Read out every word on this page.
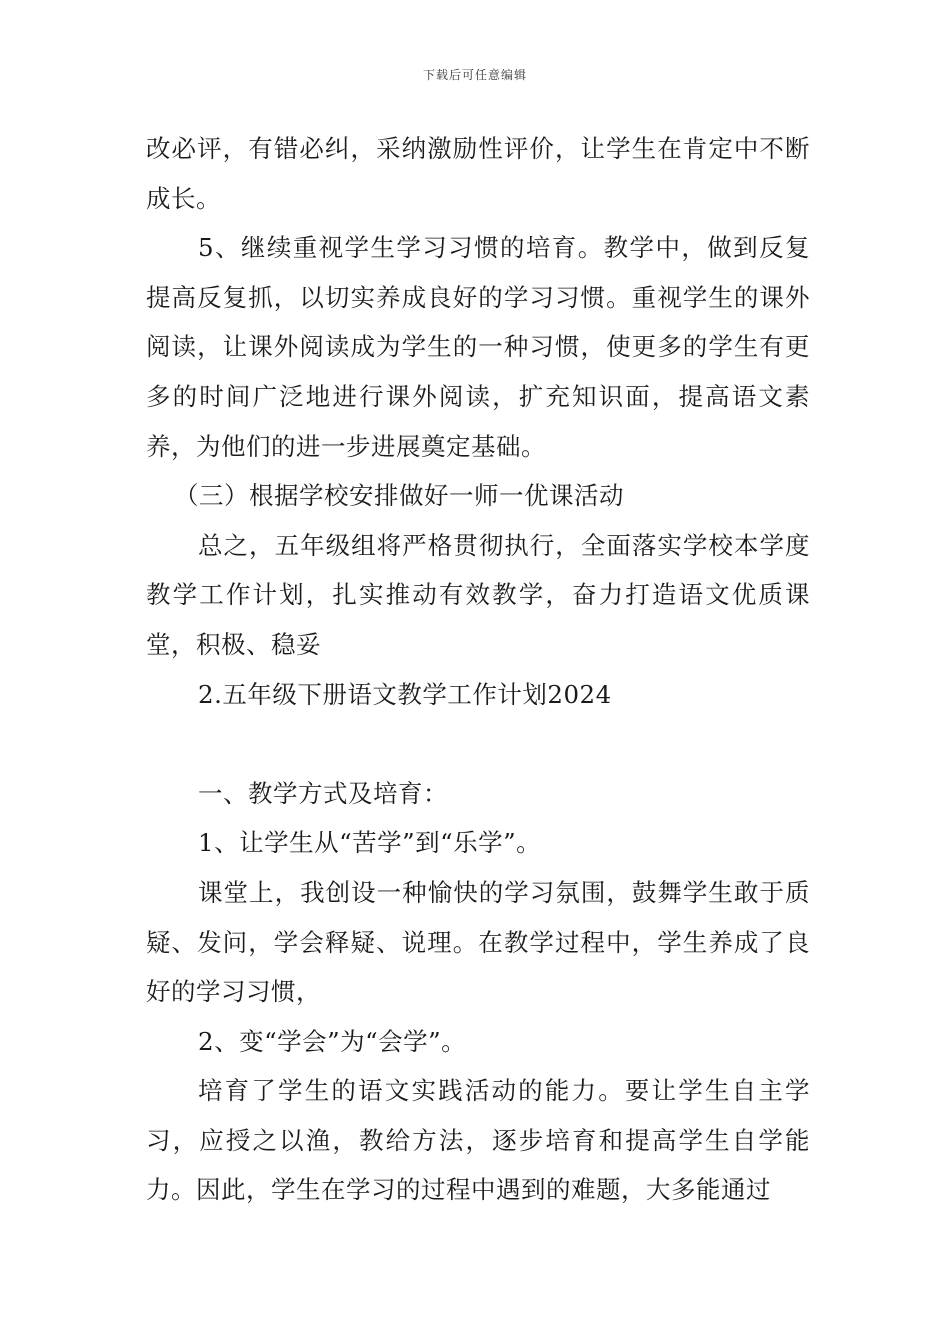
下载后可任意编辑

改必评，有错必纠，采纳激励性评价，让学生在肯定中不断成长。

5、继续重视学生学习习惯的培育。教学中，做到反复提高反复抓，以切实养成良好的学习习惯。重视学生的课外阅读，让课外阅读成为学生的一种习惯，使更多的学生有更多的时间广泛地进行课外阅读，扩充知识面，提高语文素养，为他们的进一步进展奠定基础。

（三）根据学校安排做好一师一优课活动

总之，五年级组将严格贯彻执行，全面落实学校本学度教学工作计划，扎实推动有效教学，奋力打造语文优质课堂，积极、稳妥

2.五年级下册语文教学工作计划2024

一、教学方式及培育：

1、让学生从“苦学”到“乐学”。

课堂上，我创设一种愉快的学习氛围，鼓舞学生敢于质疑、发问，学会释疑、说理。在教学过程中，学生养成了良好的学习习惯，

2、变“学会”为“会学”。

培育了学生的语文实践活动的能力。要让学生自主学习，应授之以渔，教给方法，逐步培育和提高学生自学能力。因此，学生在学习的过程中遇到的难题，大多能通过
